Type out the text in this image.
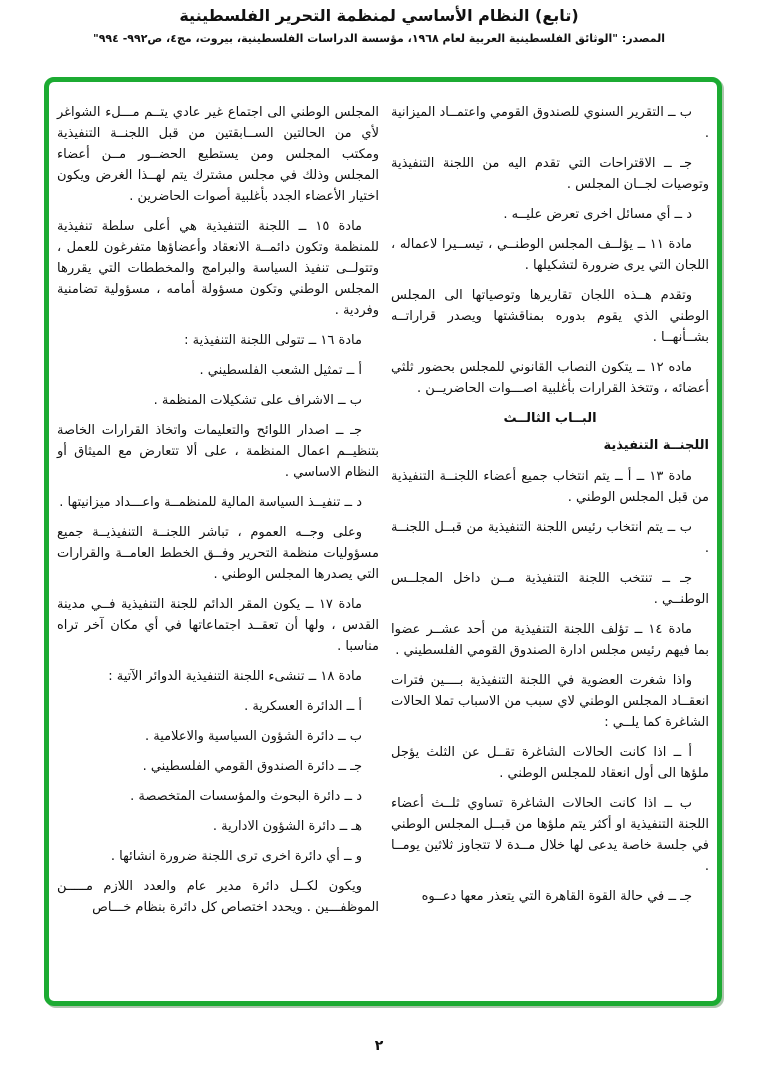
(تابع) النظام الأساسي لمنظمة التحرير الفلسطينية

المصدر: "الوثائق الفلسطينية العربية لعام ١٩٦٨، مؤسسة الدراسات الفلسطينية، بيروت، مج٤، ص٩٩٢- ٩٩٤"

ب ــ التقرير السنوي للصندوق القومي واعتمــاد الميزانية .

جـ ــ الاقتراحات التي تقدم اليه من اللجنة التنفيذية وتوصيات لجــان المجلس .

د ــ أي مسائل اخرى تعرض عليــه .

مادة ١١ ــ يؤلــف المجلس الوطنــي ، تيســيرا لاعماله ، اللجان التي يرى ضرورة لتشكيلها .

وتقدم هــذه اللجان تقاريرها وتوصياتها الى المجلس الوطني الذي يقوم بدوره بمناقشتها ويصدر قراراتــه بشــأنهــا .

ماده ١٢ ــ يتكون النصاب القانوني للمجلس بحضور ثلثي أعضائه ، وتتخذ القرارات بأغلبية اصـــوات الحاضريــن .

البــاب الثالــث

اللجنــة التنفيذية

مادة ١٣ ــ أ ــ يتم انتخاب جميع أعضاء اللجنــة التنفيذية من قبل المجلس الوطني .

ب ــ يتم انتخاب رئيس اللجنة التنفيذية من قبــل اللجنــة .

جـ ــ تنتخب اللجنة التنفيذية مــن داخل المجلــس الوطنــي .

مادة ١٤ ــ تؤلف اللجنة التنفيذية من أحد عشــر عضوا بما فيهم رئيس مجلس ادارة الصندوق القومي الفلسطيني .

واذا شغرت العضوية في اللجنة التنفيذية بــــين فترات انعقــاد المجلس الوطني لاي سبب من الاسباب تملا الحالات الشاغرة كما يلــي :

أ ــ اذا كانت الحالات الشاغرة تقــل عن الثلث يؤجل ملؤها الى أول انعقاد للمجلس الوطني .

ب ــ اذا كانت الحالات الشاغرة تساوي ثلــث أعضاء اللجنة التنفيذية او أكثر يتم ملؤها من قبــل المجلس الوطني في جلسة خاصة يدعى لها خلال مــدة لا تتجاوز ثلاثين يومــا .

جـ ــ في حالة القوة القاهرة التي يتعذر معها دعــوه

المجلس الوطني الى اجتماع غير عادي يتــم مـــلء الشواغر لأي من الحالتين الســابقتين من قبل اللجنــة التنفيذية ومكتب المجلس ومن يستطيع الحضــور مــن أعضاء المجلس وذلك في مجلس مشترك يتم لهــذا الغرض ويكون اختيار الأعضاء الجدد بأغلبية أصوات الحاضرين .

مادة ١٥ ــ اللجنة التنفيذية هي أعلى سلطة تنفيذية للمنظمة وتكون دائمــة الانعقاد وأعضاؤها متفرغون للعمل ، وتتولــى تنفيذ السياسة والبرامج والمخططات التي يقررها المجلس الوطني وتكون مسؤولة أمامه ، مسؤولية تضامنية وفردية .

مادة ١٦ ــ تتولى اللجنة التنفيذية :

أ ــ تمثيل الشعب الفلسطيني .

ب ــ الاشراف على تشكيلات المنظمة .

جـ ــ اصدار اللوائح والتعليمات واتخاذ القرارات الخاصة بتنظيــم اعمال المنظمة ، على ألا تتعارض مع الميثاق أو النظام الاساسي .

د ــ تنفيــذ السياسة المالية للمنظمــة واعـــداد ميزانيتها .

وعلى وجــه العموم ، تباشر اللجنــة التنفيذيــة جميع مسؤوليات منظمة التحرير وفــق الخطط العامــة والقرارات التي يصدرها المجلس الوطني .

مادة ١٧ ــ يكون المقر الدائم للجنة التنفيذية فــي مدينة القدس ، ولها أن تعقــد اجتماعاتها في أي مكان آخر تراه مناسبا .

مادة ١٨ ــ تنشىء اللجنة التنفيذية الدوائر الآتية :

أ ــ الدائرة العسكرية .

ب ــ دائرة الشؤون السياسية والاعلامية .

جـ ــ دائرة الصندوق القومي الفلسطيني .

د ــ دائرة البحوث والمؤسسات المتخصصة .

هـ ــ دائرة الشؤون الادارية .

و ــ أي دائرة اخرى ترى اللجنة ضرورة انشائها .

ويكون لكــل دائرة مدير عام والعدد اللازم مـــــن الموظفـــين . ويحدد اختصاص كل دائرة بنظام خـــاص

٢
